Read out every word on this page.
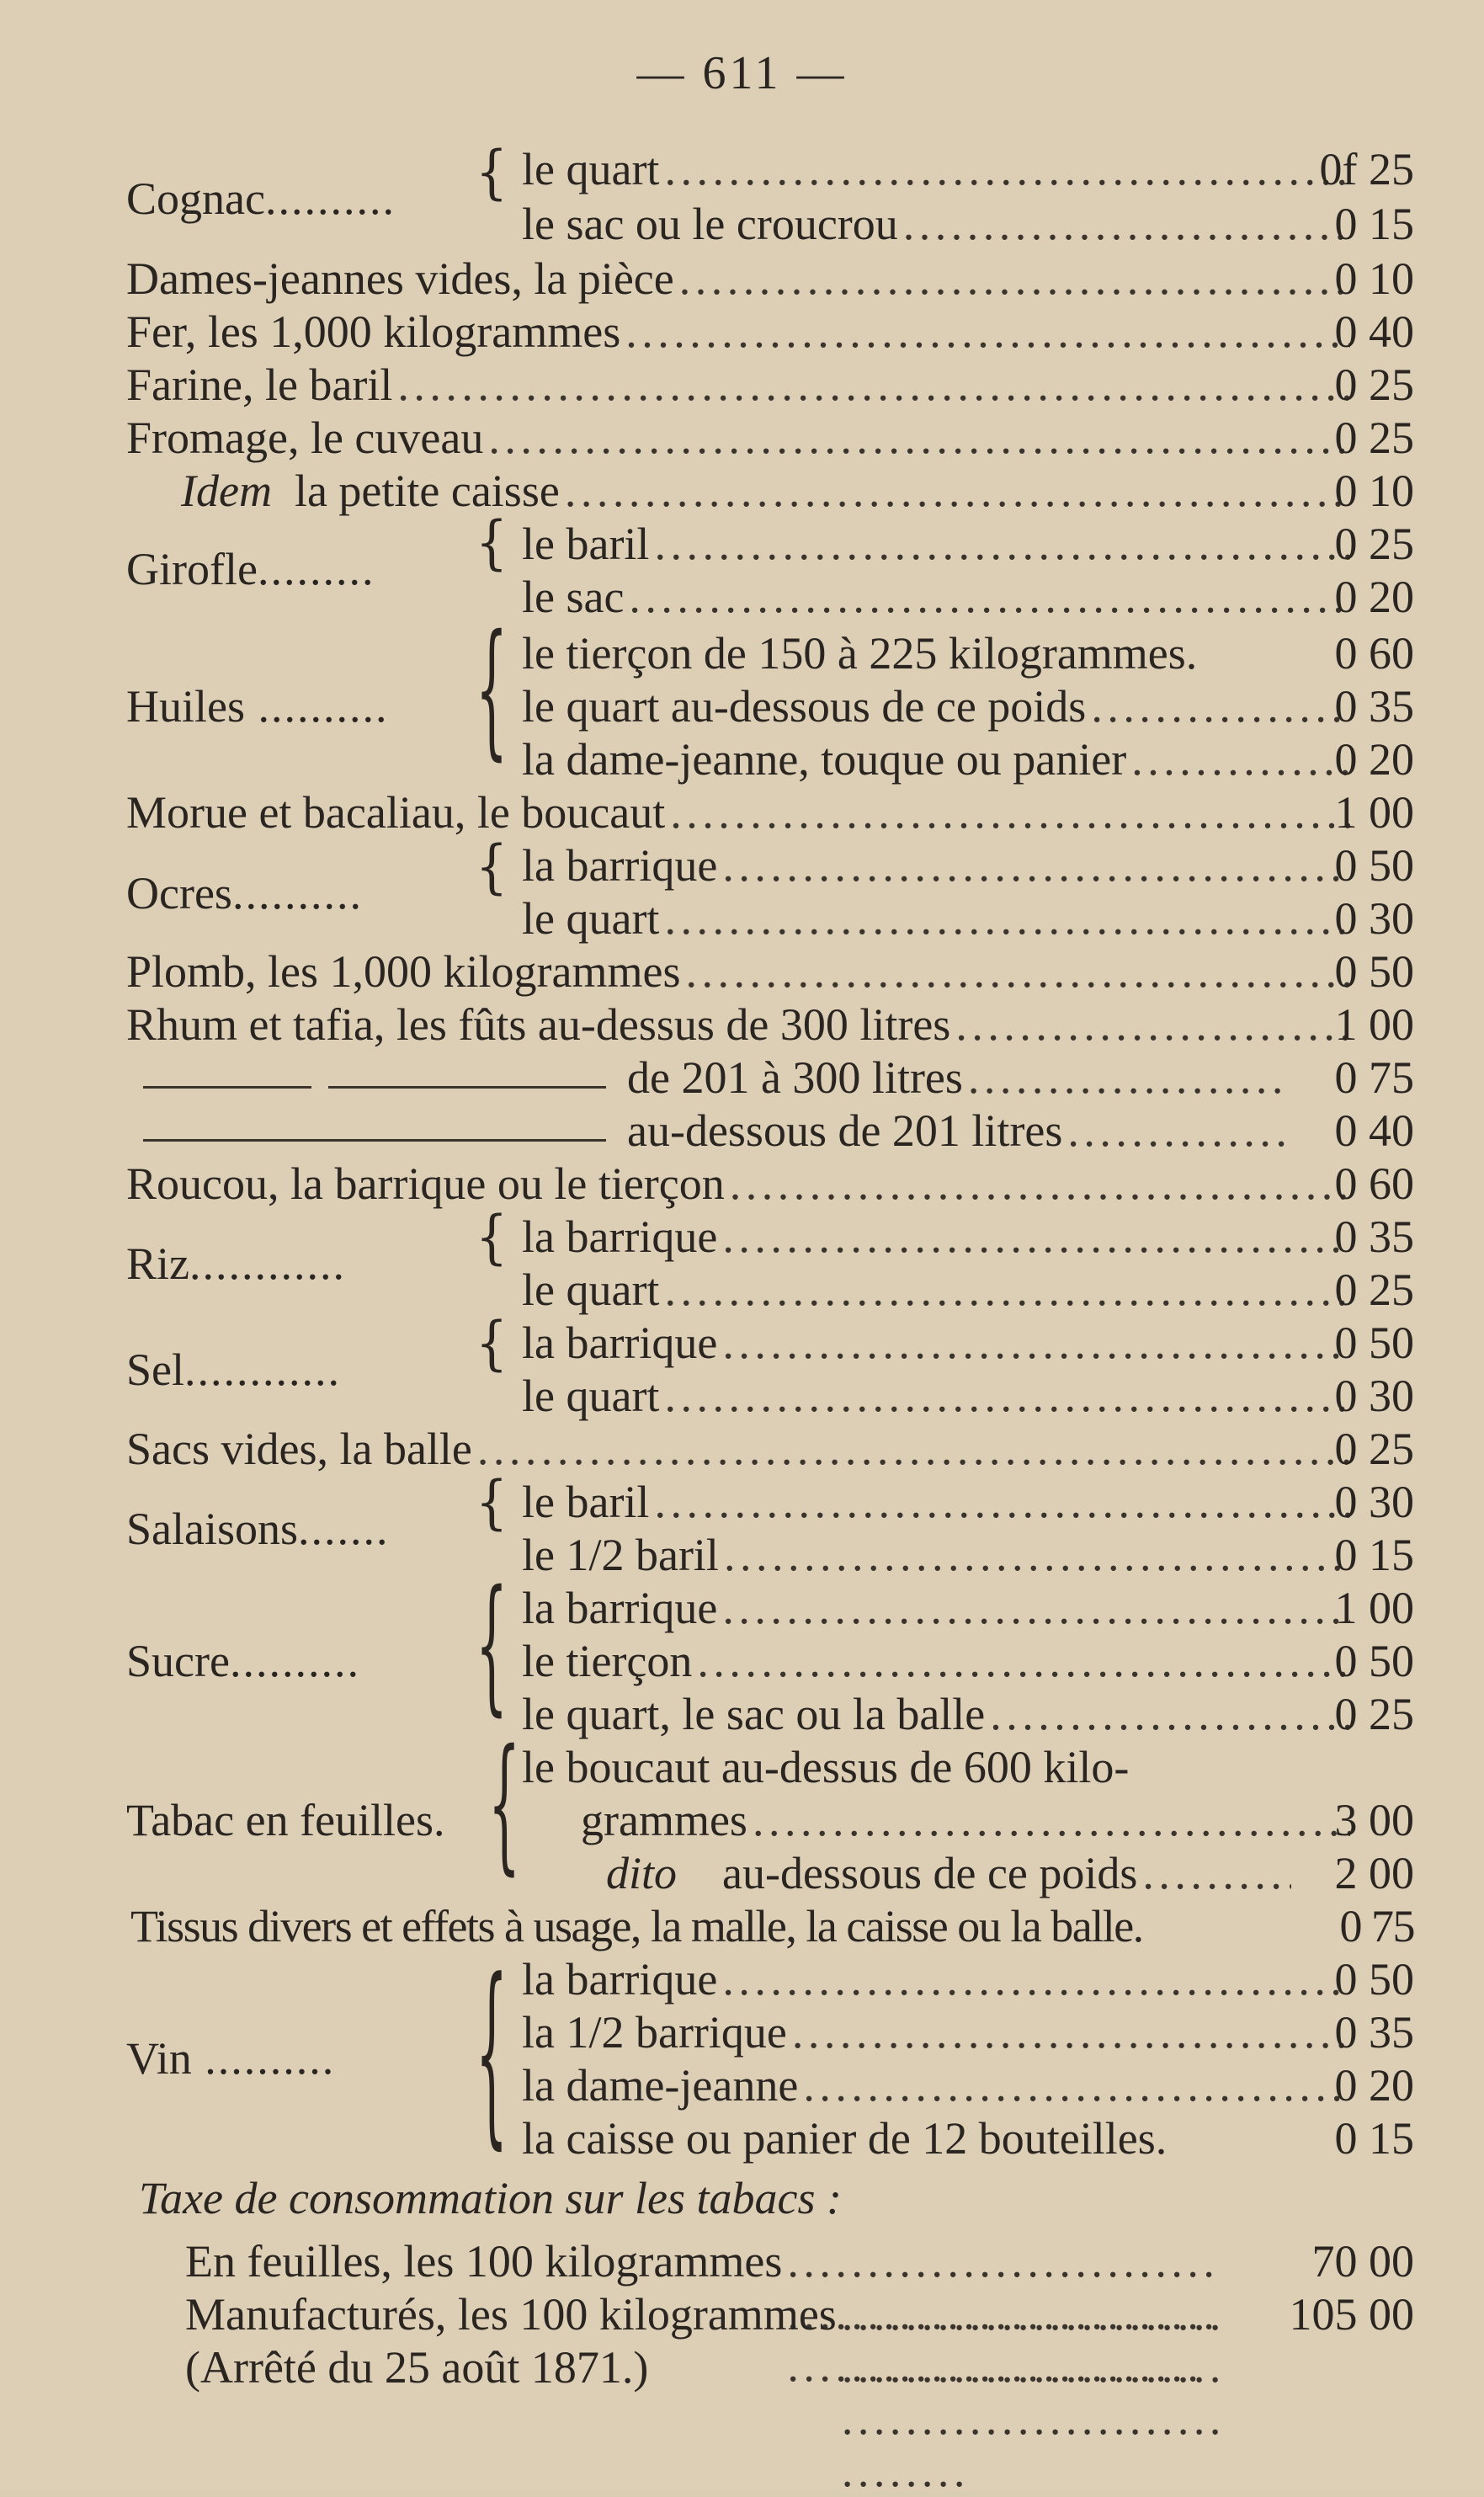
— 611 —
Cognac.......... { le quart . . .	0f 25
le sac ou le croucrou . . .	0 15
Dames-jeannes vides, la pièce . . .	0 10
Fer, les 1,000 kilogrammes . . .	0 40
Farine, le baril . . .	0 25
Fromage, le cuveau . . .	0 25
Idem la petite caisse . . .	0 10
Girofle......... { le baril . . .	0 25
le sac . . .	0 20
Huiles .......... { le tierçon de 150 à 225 kilogrammes.	0 60
le quart au-dessous de ce poids . . .	0 35
la dame-jeanne, touque ou panier . . .	0 20
Morue et bacaliau, le boucaut . . .	1 00
Ocres.......... { la barrique . . .	0 50
le quart . . .	0 30
Plomb, les 1,000 kilogrammes . . .	0 50
Rhum et tafia, les fûts au-dessus de 300 litres . . .	1 00
de 201 à 300 litres . . .	0 75
au-dessous de 201 litres . . .	0 40
Roucou, la barrique ou le tierçon . . .	0 60
Riz............	{ la barrique . . .	0 35
le quart . . .	0 25
Sel............	{ la barrique . . .	0 50
le quart . . .	0 30
Sacs vides, la balle . . .	0 25
Salaisons....... { le baril . . .	0 30
le 1/2 baril . . .	0 15
Sucre.......... { la barrique . . .	1 00
le tierçon . . .	0 50
le quart, le sac ou la balle . . .	0 25
Tabac en feuilles. { le boucaut au-dessus de 600 kilo-
grammes . . .	3 00
dito au-dessous de ce poids . . .	2 00
Tissus divers et effets à usage, la malle, la caisse ou la balle.	0 75
Vin ..........	{ la barrique . . .	0 50
la 1/2 barrique . . .	0 35
la dame-jeanne . . .	0 20
la caisse ou panier de 12 bouteilles.	0 15
Taxe de consommation sur les tabacs :
En feuilles, les 100 kilogrammes . . .	70 00
Manufacturés, les 100 kilogrammes . . .	105 00
(Arrêté du 25 août 1871.)
